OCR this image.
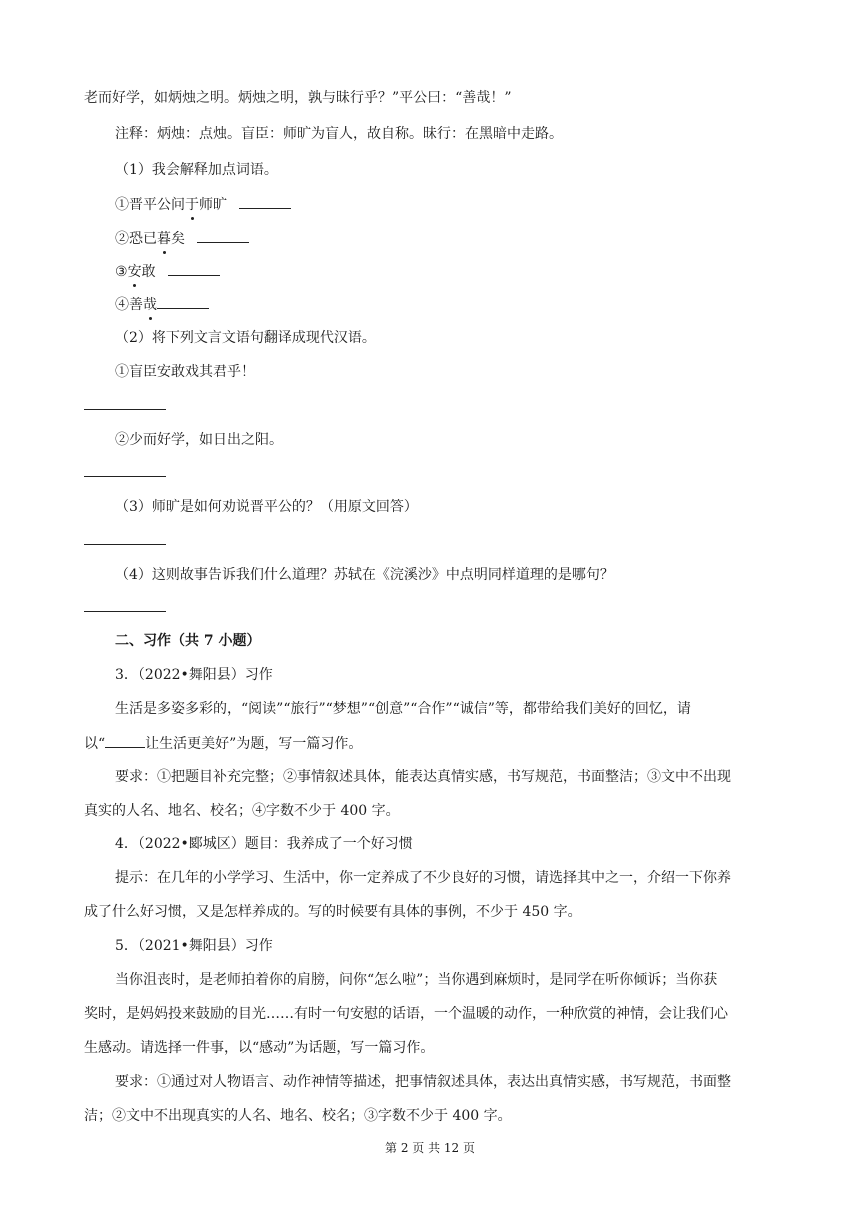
老而好学，如炳烛之明。炳烛之明，孰与昧行乎？”平公曰：“善哉！”
注释：炳烛：点烛。盲臣：师旷为盲人，故自称。昧行：在黑暗中走路。
（1）我会解释加点词语。
①晋平公问于师旷
②恐已暮矣
③安敢
④善哉
（2）将下列文言文语句翻译成现代汉语。
①盲臣安敢戏其君乎！
②少而好学，如日出之阳。
（3）师旷是如何劝说晋平公的？（用原文回答）
（4）这则故事告诉我们什么道理？苏轼在《浣溪沙》中点明同样道理的是哪句？
二、习作（共 7 小题）
3．（2022•舞阳县）习作
生活是多姿多彩的，“阅读”“旅行”“梦想”“创意”“合作”“诚信”等，都带给我们美好的回忆，请
以“	让生活更美好”为题，写一篇习作。
要求：①把题目补充完整；②事情叙述具体，能表达真情实感，书写规范，书面整洁；③文中不出现
真实的人名、地名、校名；④字数不少于 400 字。
4．（2022•郾城区）题目：我养成了一个好习惯
提示：在几年的小学学习、生活中，你一定养成了不少良好的习惯，请选择其中之一，介绍一下你养
成了什么好习惯，又是怎样养成的。写的时候要有具体的事例，不少于 450 字。
5．（2021•舞阳县）习作
当你沮丧时，是老师拍着你的肩膀，问你“怎么啦”；当你遇到麻烦时，是同学在听你倾诉；当你获
奖时，是妈妈投来鼓励的目光……有时一句安慰的话语，一个温暖的动作，一种欣赏的神情，会让我们心
生感动。请选择一件事，以“感动”为话题，写一篇习作。
要求：①通过对人物语言、动作神情等描述，把事情叙述具体，表达出真情实感，书写规范，书面整
洁；②文中不出现真实的人名、地名、校名；③字数不少于 400 字。
第 2 页 共 12 页
